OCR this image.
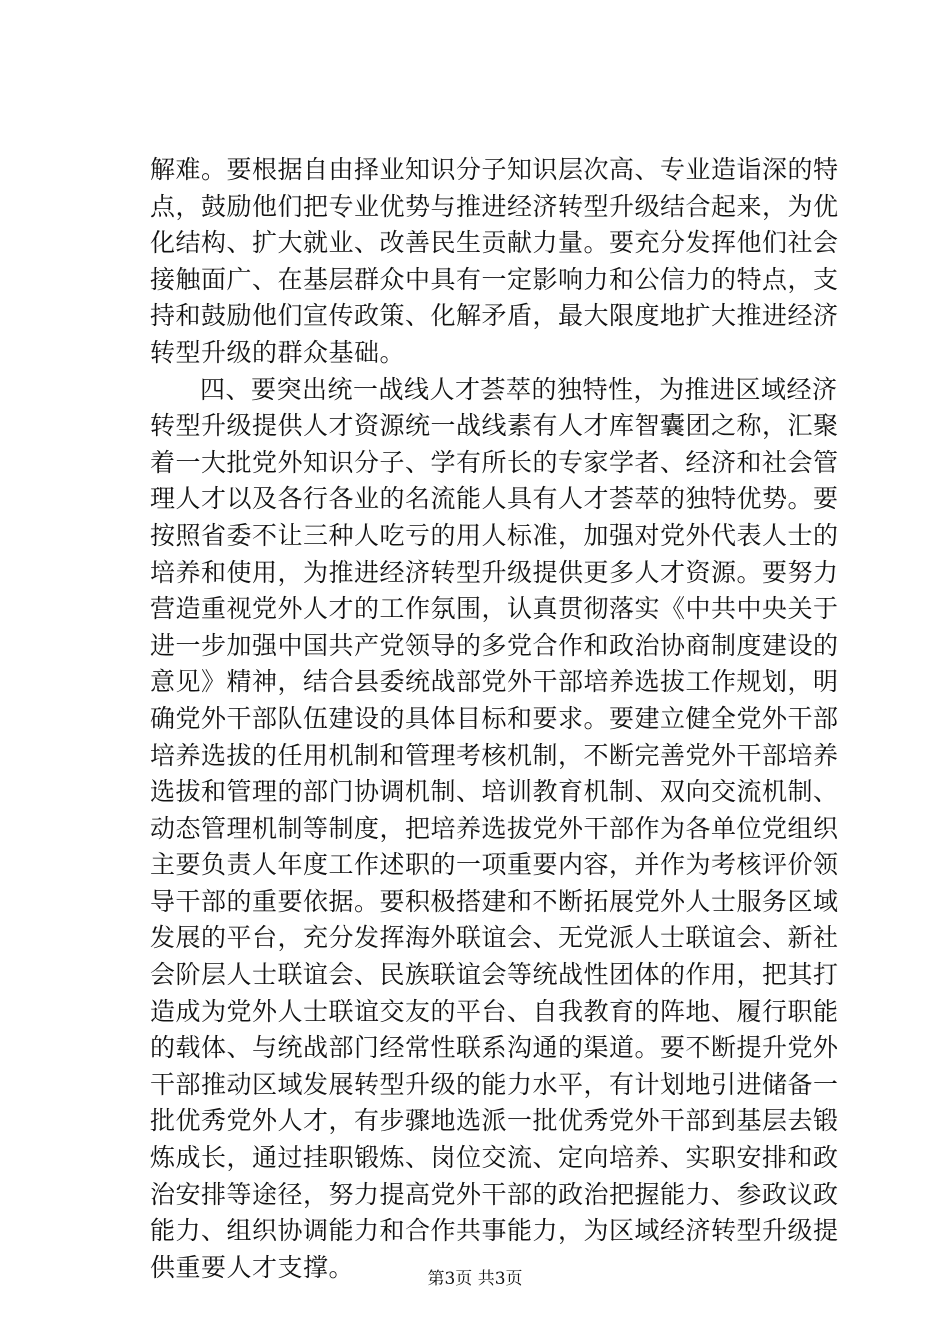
解难。要根据自由择业知识分子知识层次高、专业造诣深的特
点，鼓励他们把专业优势与推进经济转型升级结合起来，为优
化结构、扩大就业、改善民生贡献力量。要充分发挥他们社会
接触面广、在基层群众中具有一定影响力和公信力的特点，支
持和鼓励他们宣传政策、化解矛盾，最大限度地扩大推进经济
转型升级的群众基础。
四、要突出统一战线人才荟萃的独特性，为推进区域经济
转型升级提供人才资源统一战线素有人才库智囊团之称，汇聚
着一大批党外知识分子、学有所长的专家学者、经济和社会管
理人才以及各行各业的名流能人具有人才荟萃的独特优势。要
按照省委不让三种人吃亏的用人标准，加强对党外代表人士的
培养和使用，为推进经济转型升级提供更多人才资源。要努力
营造重视党外人才的工作氛围，认真贯彻落实《中共中央关于
进一步加强中国共产党领导的多党合作和政治协商制度建设的
意见》精神，结合县委统战部党外干部培养选拔工作规划，明
确党外干部队伍建设的具体目标和要求。要建立健全党外干部
培养选拔的任用机制和管理考核机制，不断完善党外干部培养
选拔和管理的部门协调机制、培训教育机制、双向交流机制、
动态管理机制等制度，把培养选拔党外干部作为各单位党组织
主要负责人年度工作述职的一项重要内容，并作为考核评价领
导干部的重要依据。要积极搭建和不断拓展党外人士服务区域
发展的平台，充分发挥海外联谊会、无党派人士联谊会、新社
会阶层人士联谊会、民族联谊会等统战性团体的作用，把其打
造成为党外人士联谊交友的平台、自我教育的阵地、履行职能
的载体、与统战部门经常性联系沟通的渠道。要不断提升党外
干部推动区域发展转型升级的能力水平，有计划地引进储备一
批优秀党外人才，有步骤地选派一批优秀党外干部到基层去锻
炼成长，通过挂职锻炼、岗位交流、定向培养、实职安排和政
治安排等途径，努力提高党外干部的政治把握能力、参政议政
能力、组织协调能力和合作共事能力，为区域经济转型升级提
供重要人才支撑。	第3页 共3页
